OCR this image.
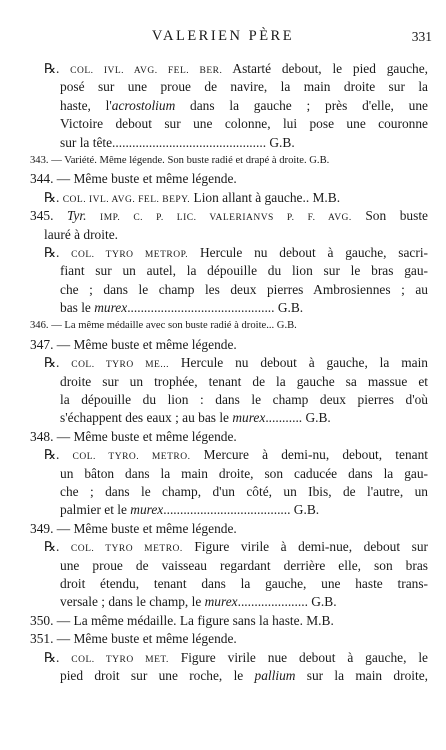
VALERIEN PÈRE	331
℞. COL. IVL. AVG. FEL. BER. Astarté debout, le pied gauche,
posé sur une proue de navire, la main droite sur la
haste, l'acrostolium dans la gauche ; près d'elle, une
Victoire debout sur une colonne, lui pose une couronne
sur la tête.............................................. G.B.
343. — Variété. Même légende. Son buste radié et drapé à droite. G.B.
344. — Même buste et même légende.
℞. COL. IVL. AVG. FEL. BEPY. Lion allant à gauche.. M.B.
345. Tyr. IMP. C. P. LIC. VALERIANVS P. F. AVG. Son buste
lauré à droite.
℞. COL. TYRO METROP. Hercule nu debout à gauche, sacri-
fiant sur un autel, la dépouille du lion sur le bras gau-
che ; dans le champ les deux pierres Ambrosiennes ; au
bas le murex............................................ G.B.
346. — La même médaille avec son buste radié à droite... G.B.
347. — Même buste et même légende.
℞. COL. TYRO ME... Hercule nu debout à gauche, la main
droite sur un trophée, tenant de la gauche sa massue et
la dépouille du lion : dans le champ deux pierres d'où
s'échappent des eaux ; au bas le murex........... G.B.
348. — Même buste et même légende.
℞. COL. TYRO. METRO. Mercure à demi-nu, debout, tenant
un bâton dans la main droite, son caducée dans la gau-
che ; dans le champ, d'un côté, un Ibis, de l'autre, un
palmier et le murex...................................... G.B.
349. — Même buste et même légende.
℞. COL. TYRO METRO. Figure virile à demi-nue, debout sur
une proue de vaisseau regardant derrière elle, son bras
droit étendu, tenant dans la gauche, une haste trans-
versale ; dans le champ, le murex..................... G.B.
350. — La même médaille. La figure sans la haste. M.B.
351. — Même buste et même légende.
℞. COL. TYRO MET. Figure virile nue debout à gauche, le
pied droit sur une roche, le pallium sur la main droite,
